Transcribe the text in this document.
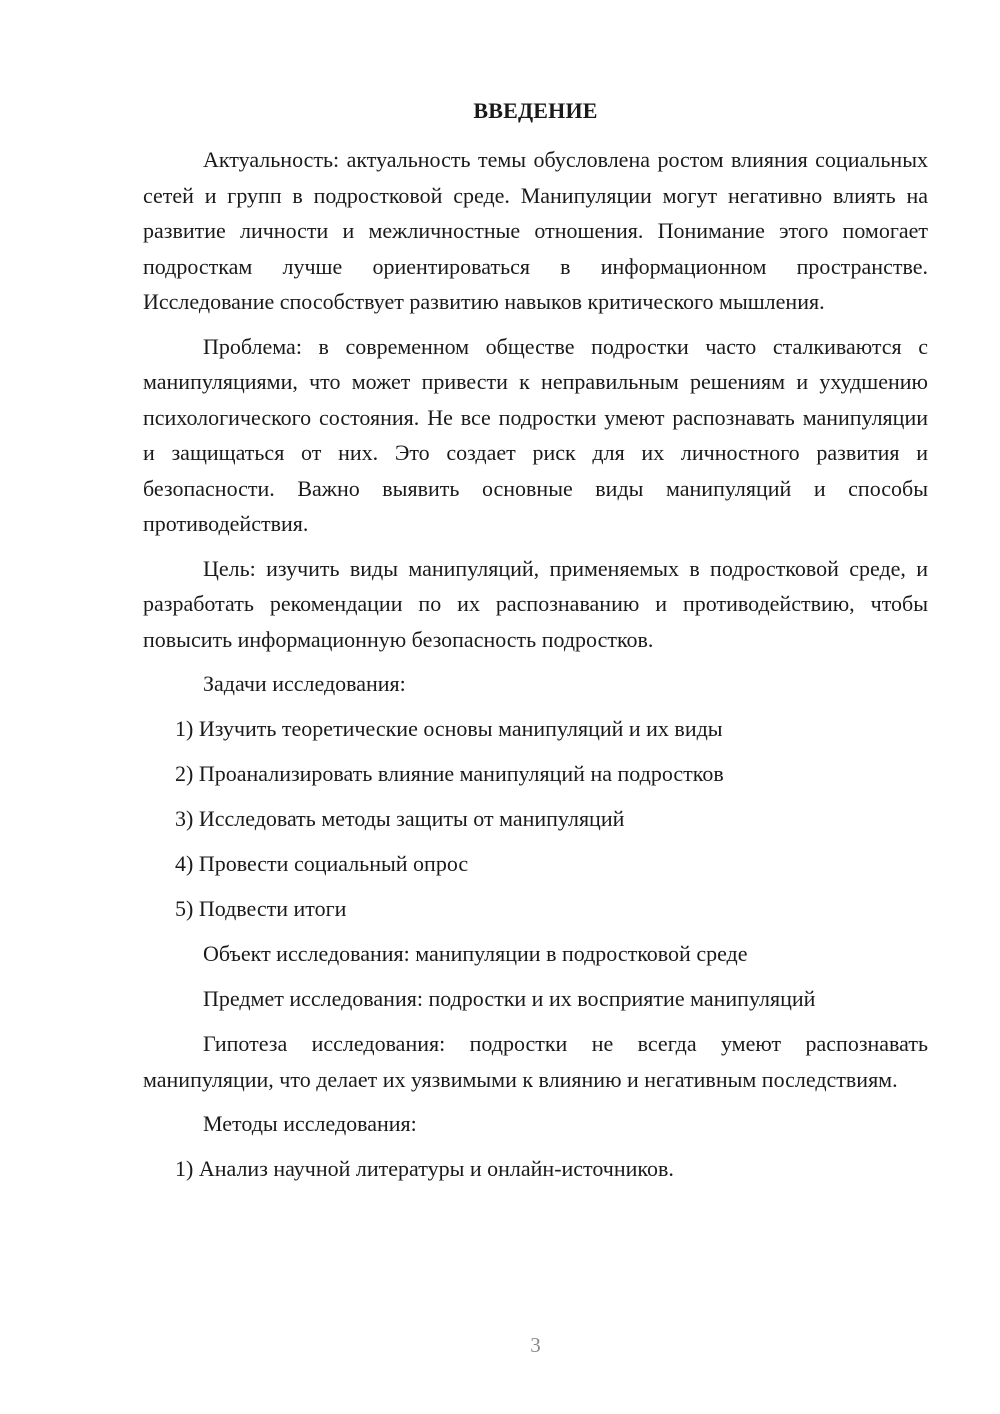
ВВЕДЕНИЕ

Актуальность: актуальность темы обусловлена ростом влияния социальных сетей и групп в подростковой среде. Манипуляции могут негативно влиять на развитие личности и межличностные отношения. Понимание этого помогает подросткам лучше ориентироваться в информационном пространстве. Исследование способствует развитию навыков критического мышления.

Проблема: в современном обществе подростки часто сталкиваются с манипуляциями, что может привести к неправильным решениям и ухудшению психологического состояния. Не все подростки умеют распознавать манипуляции и защищаться от них. Это создает риск для их личностного развития и безопасности. Важно выявить основные виды манипуляций и способы противодействия.

Цель: изучить виды манипуляций, применяемых в подростковой среде, и разработать рекомендации по их распознаванию и противодействию, чтобы повысить информационную безопасность подростков.

Задачи исследования:

1) Изучить теоретические основы манипуляций и их виды

2) Проанализировать влияние манипуляций на подростков

3) Исследовать методы защиты от манипуляций

4) Провести социальный опрос

5) Подвести итоги

Объект исследования: манипуляции в подростковой среде

Предмет исследования: подростки и их восприятие манипуляций

Гипотеза исследования: подростки не всегда умеют распознавать манипуляции, что делает их уязвимыми к влиянию и негативным последствиям.

Методы исследования:

1) Анализ научной литературы и онлайн-источников.

3
